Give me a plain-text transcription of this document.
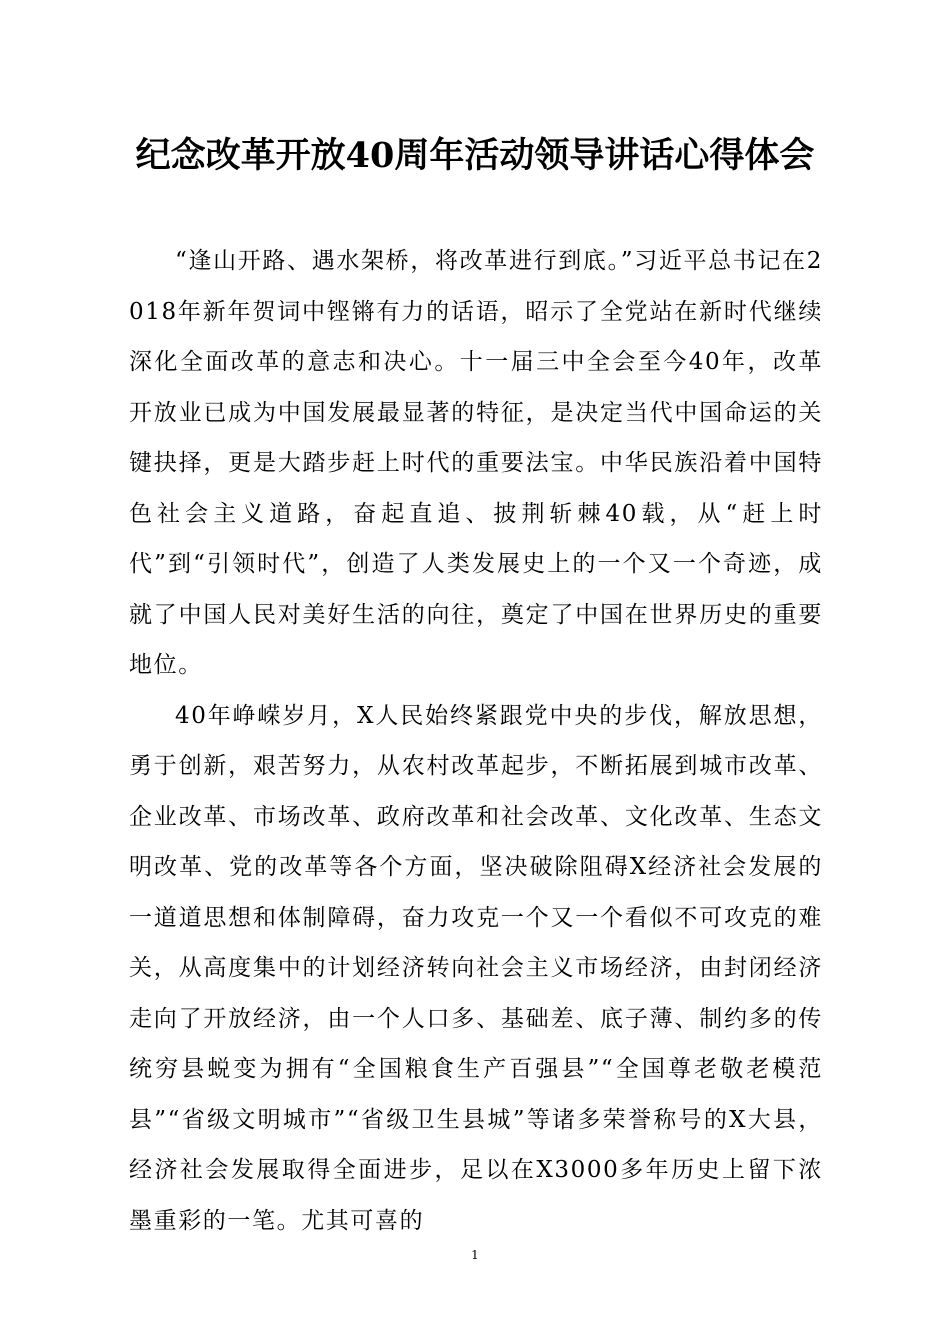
纪念改革开放40周年活动领导讲话心得体会

“逢山开路、遇水架桥，将改革进行到底。”习近平总书记在2018年新年贺词中铿锵有力的话语，昭示了全党站在新时代继续深化全面改革的意志和决心。十一届三中全会至今40年，改革开放业已成为中国发展最显著的特征，是决定当代中国命运的关键抉择，更是大踏步赶上时代的重要法宝。中华民族沿着中国特色社会主义道路，奋起直追、披荆斩棘40载，从“赶上时代”到“引领时代”，创造了人类发展史上的一个又一个奇迹，成就了中国人民对美好生活的向往，奠定了中国在世界历史的重要地位。

40年峥嵘岁月，X人民始终紧跟党中央的步伐，解放思想，勇于创新，艰苦努力，从农村改革起步，不断拓展到城市改革、企业改革、市场改革、政府改革和社会改革、文化改革、生态文明改革、党的改革等各个方面，坚决破除阻碍X经济社会发展的一道道思想和体制障碍，奋力攻克一个又一个看似不可攻克的难关，从高度集中的计划经济转向社会主义市场经济，由封闭经济走向了开放经济，由一个人口多、基础差、底子薄、制约多的传统穷县蜕变为拥有“全国粮食生产百强县”“全国尊老敬老模范县”“省级文明城市”“省级卫生县城”等诸多荣誉称号的X大县，经济社会发展取得全面进步，足以在X3000多年历史上留下浓墨重彩的一笔。尤其可喜的

1
